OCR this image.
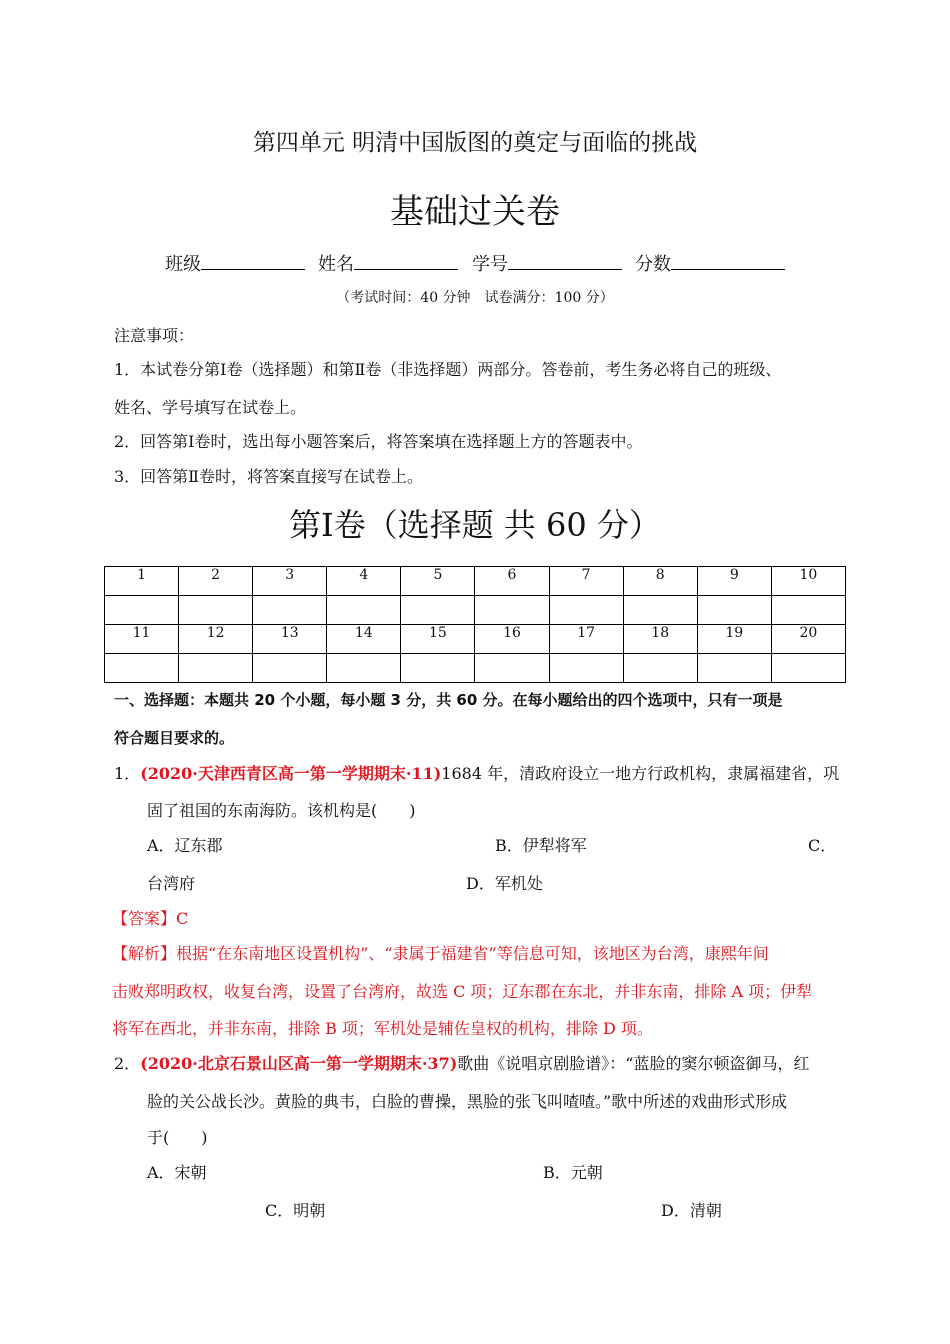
第四单元 明清中国版图的奠定与面临的挑战
基础过关卷
班级	姓名	学号	分数
（考试时间：40 分钟　试卷满分：100 分）
注意事项：
1．本试卷分第Ⅰ卷（选择题）和第Ⅱ卷（非选择题）两部分。答卷前，考生务必将自己的班级、
姓名、学号填写在试卷上。
2．回答第Ⅰ卷时，选出每小题答案后，将答案填在选择题上方的答题表中。
3．回答第Ⅱ卷时，将答案直接写在试卷上。
第Ⅰ卷（选择题 共 60 分）
1	2	3	4	5	6	7	8	9	10

11	12	13	14	15	16	17	18	19	20

一、选择题：本题共 20 个小题，每小题 3 分，共 60 分。在每小题给出的四个选项中，只有一项是
符合题目要求的。
1．(2020·天津西青区高一第一学期期末·11)1684 年，清政府设立一地方行政机构，隶属福建省，巩
固了祖国的东南海防。该机构是(　　)
A．辽东郡	B．伊犁将军	C．
台湾府	D．军机处
【答案】C
【解析】根据“在东南地区设置机构”、“隶属于福建省”等信息可知，该地区为台湾，康熙年间
击败郑明政权，收复台湾，设置了台湾府，故选 C 项；辽东郡在东北，并非东南，排除 A 项；伊犁
将军在西北，并非东南，排除 B 项；军机处是辅佐皇权的机构，排除 D 项。
2．(2020·北京石景山区高一第一学期期末·37)歌曲《说唱京剧脸谱》：“蓝脸的窦尔顿盗御马，红
脸的关公战长沙。黄脸的典韦，白脸的曹操，黑脸的张飞叫喳喳。”歌中所述的戏曲形式形成
于(　　)
A．宋朝	B．元朝
C．明朝	D．清朝
